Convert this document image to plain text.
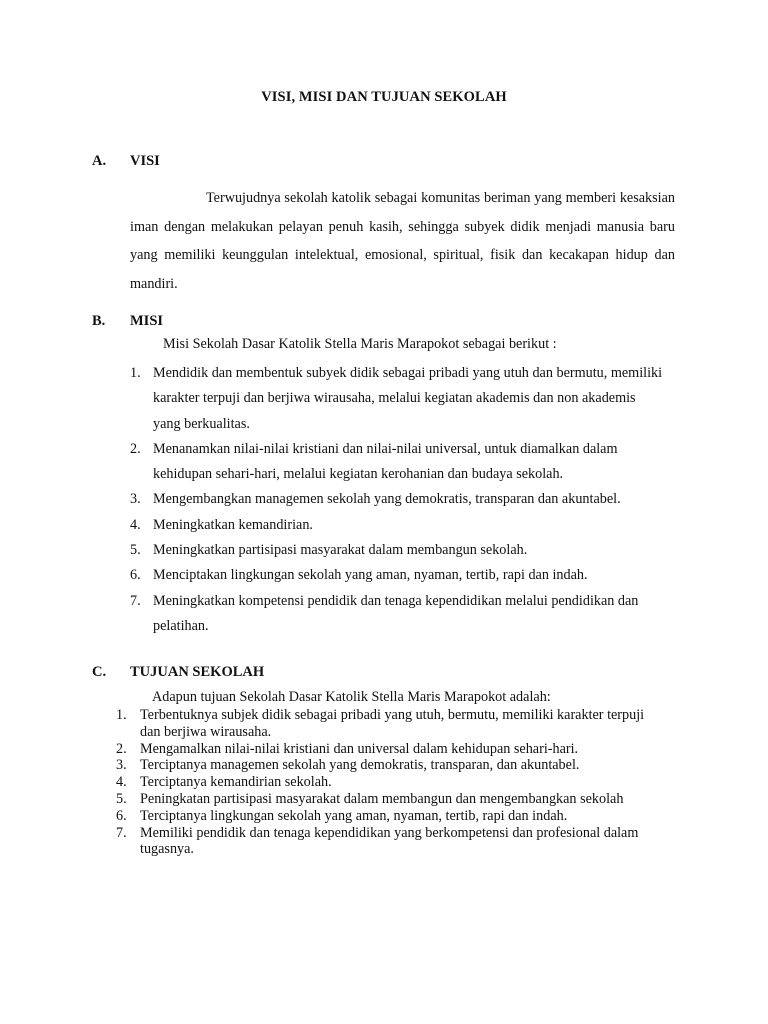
VISI, MISI DAN TUJUAN SEKOLAH
A.	VISI
Terwujudnya sekolah katolik sebagai komunitas beriman yang memberi kesaksian iman dengan melakukan pelayan penuh kasih, sehingga subyek didik menjadi manusia baru yang memiliki keunggulan intelektual, emosional, spiritual, fisik dan kecakapan hidup dan mandiri.
B.	MISI
Misi Sekolah Dasar Katolik Stella Maris Marapokot sebagai berikut :
1. Mendidik dan membentuk subyek didik sebagai pribadi yang utuh dan bermutu, memiliki karakter terpuji dan berjiwa wirausaha, melalui kegiatan akademis dan non akademis yang berkualitas.
2. Menanamkan nilai-nilai kristiani dan nilai-nilai universal, untuk diamalkan dalam kehidupan sehari-hari, melalui kegiatan kerohanian dan budaya sekolah.
3. Mengembangkan managemen sekolah yang demokratis, transparan dan akuntabel.
4. Meningkatkan kemandirian.
5. Meningkatkan partisipasi masyarakat dalam membangun sekolah.
6. Menciptakan lingkungan sekolah yang aman, nyaman, tertib, rapi dan indah.
7. Meningkatkan kompetensi pendidik dan tenaga kependidikan melalui pendidikan dan pelatihan.
C.	TUJUAN SEKOLAH
Adapun tujuan Sekolah Dasar Katolik Stella Maris Marapokot adalah:
1. Terbentuknya subjek didik sebagai pribadi yang utuh, bermutu, memiliki karakter terpuji dan berjiwa wirausaha.
2. Mengamalkan nilai-nilai kristiani dan universal dalam kehidupan sehari-hari.
3. Terciptanya managemen sekolah yang demokratis, transparan, dan akuntabel.
4. Terciptanya kemandirian sekolah.
5. Peningkatan partisipasi masyarakat dalam membangun dan mengembangkan sekolah
6. Terciptanya lingkungan sekolah yang aman, nyaman, tertib, rapi dan indah.
7. Memiliki pendidik dan tenaga kependidikan yang berkompetensi dan profesional dalam tugasnya.
